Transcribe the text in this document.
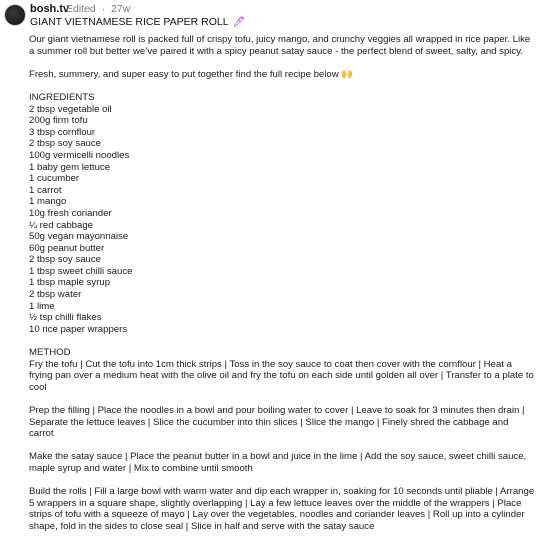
bosh.tv
Edited · 27w
GIANT VIETNAMESE RICE PAPER ROLL 🖊

Our giant vietnamese roll is packed full of crispy tofu, juicy mango, and crunchy veggies all wrapped in rice paper. Like a summer roll but better we’ve paired it with a spicy peanut satay sauce - the perfect blend of sweet, salty, and spicy.

Fresh, summery, and super easy to put together find the full recipe below 🙌

INGREDIENTS
2 tbsp vegetable oil
200g firm tofu
3 tbsp cornflour
2 tbsp soy sauce
100g vermicelli noodles
1 baby gem lettuce
1 cucumber
1 carrot
1 mango
10g fresh coriander
¼ red cabbage
50g vegan mayonnaise
60g peanut butter
2 tbsp soy sauce
1 tbsp sweet chilli sauce
1 tbsp maple syrup
2 tbsp water
1 lime
½ tsp chilli flakes
10 rice paper wrappers
METHOD

Fry the tofu | Cut the tofu into 1cm thick strips | Toss in the soy sauce to coat then cover with the cornflour | Heat a frying pan over a medium heat with the olive oil and fry the tofu on each side until golden all over | Transfer to a plate to cool

Prep the filling | Place the noodles in a bowl and pour boiling water to cover | Leave to soak for 3 minutes then drain | Separate the lettuce leaves | Slice the cucumber into thin slices | Slice the mango | Finely shred the cabbage and carrot

Make the satay sauce | Place the peanut butter in a bowl and juice in the lime | Add the soy sauce, sweet chilli sauce, maple syrup and water | Mix to combine until smooth

Build the rolls | Fill a large bowl with warm water and dip each wrapper in, soaking for 10 seconds until pliable | Arrange 5 wrappers in a square shape, slightly overlapping | Lay a few lettuce leaves over the middle of the wrappers | Place strips of tofu with a squeeze of mayo | Lay over the vegetables, noodles and coriander leaves | Roll up into a cylinder shape, fold in the sides to close seal | Slice in half and serve with the satay sauce
